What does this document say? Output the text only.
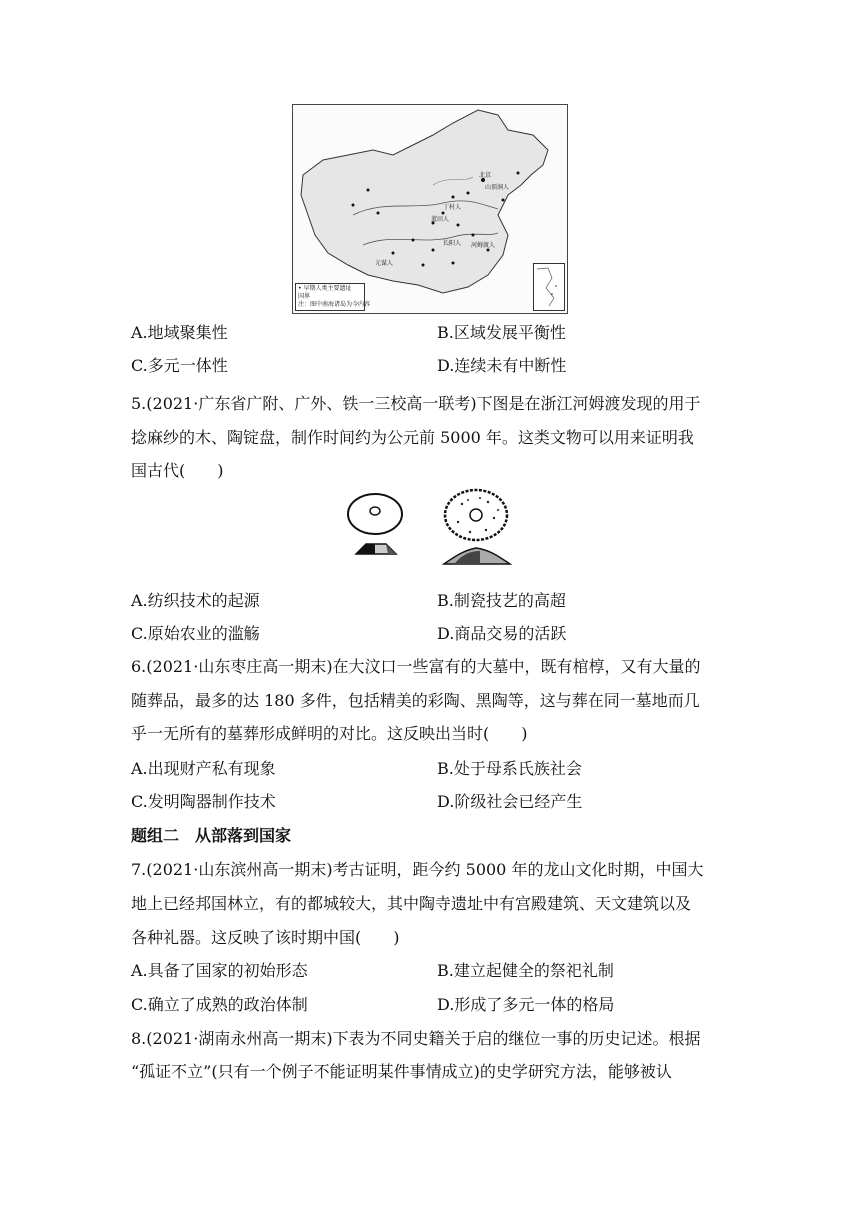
北京
蓝田人
丁村人
元谋人
长阳人 河姆渡人
山顶洞人
• 早期人类主要遗址
国界
注：图中南海诸岛为今内容
A.地域聚集性	B.区域发展平衡性
C.多元一体性	D.连续未有中断性
5.(2021·广东省广附、广外、铁一三校高一联考)下图是在浙江河姆渡发现的用于
捻麻纱的木、陶锭盘，制作时间约为公元前 5000 年。这类文物可以用来证明我
国古代(　　)
A.纺织技术的起源	B.制瓷技艺的高超
C.原始农业的滥觞	D.商品交易的活跃
6.(2021·山东枣庄高一期末)在大汶口一些富有的大墓中，既有棺椁，又有大量的
随葬品，最多的达 180 多件，包括精美的彩陶、黑陶等，这与葬在同一墓地而几
乎一无所有的墓葬形成鲜明的对比。这反映出当时(　　)
A.出现财产私有现象	B.处于母系氏族社会
C.发明陶器制作技术	D.阶级社会已经产生
题组二　从部落到国家
7.(2021·山东滨州高一期末)考古证明，距今约 5000 年的龙山文化时期，中国大
地上已经邦国林立，有的都城较大，其中陶寺遗址中有宫殿建筑、天文建筑以及
各种礼器。这反映了该时期中国(　　)
A.具备了国家的初始形态	B.建立起健全的祭祀礼制
C.确立了成熟的政治体制	D.形成了多元一体的格局
8.(2021·湖南永州高一期末)下表为不同史籍关于启的继位一事的历史记述。根据
“孤证不立”(只有一个例子不能证明某件事情成立)的史学研究方法，能够被认
